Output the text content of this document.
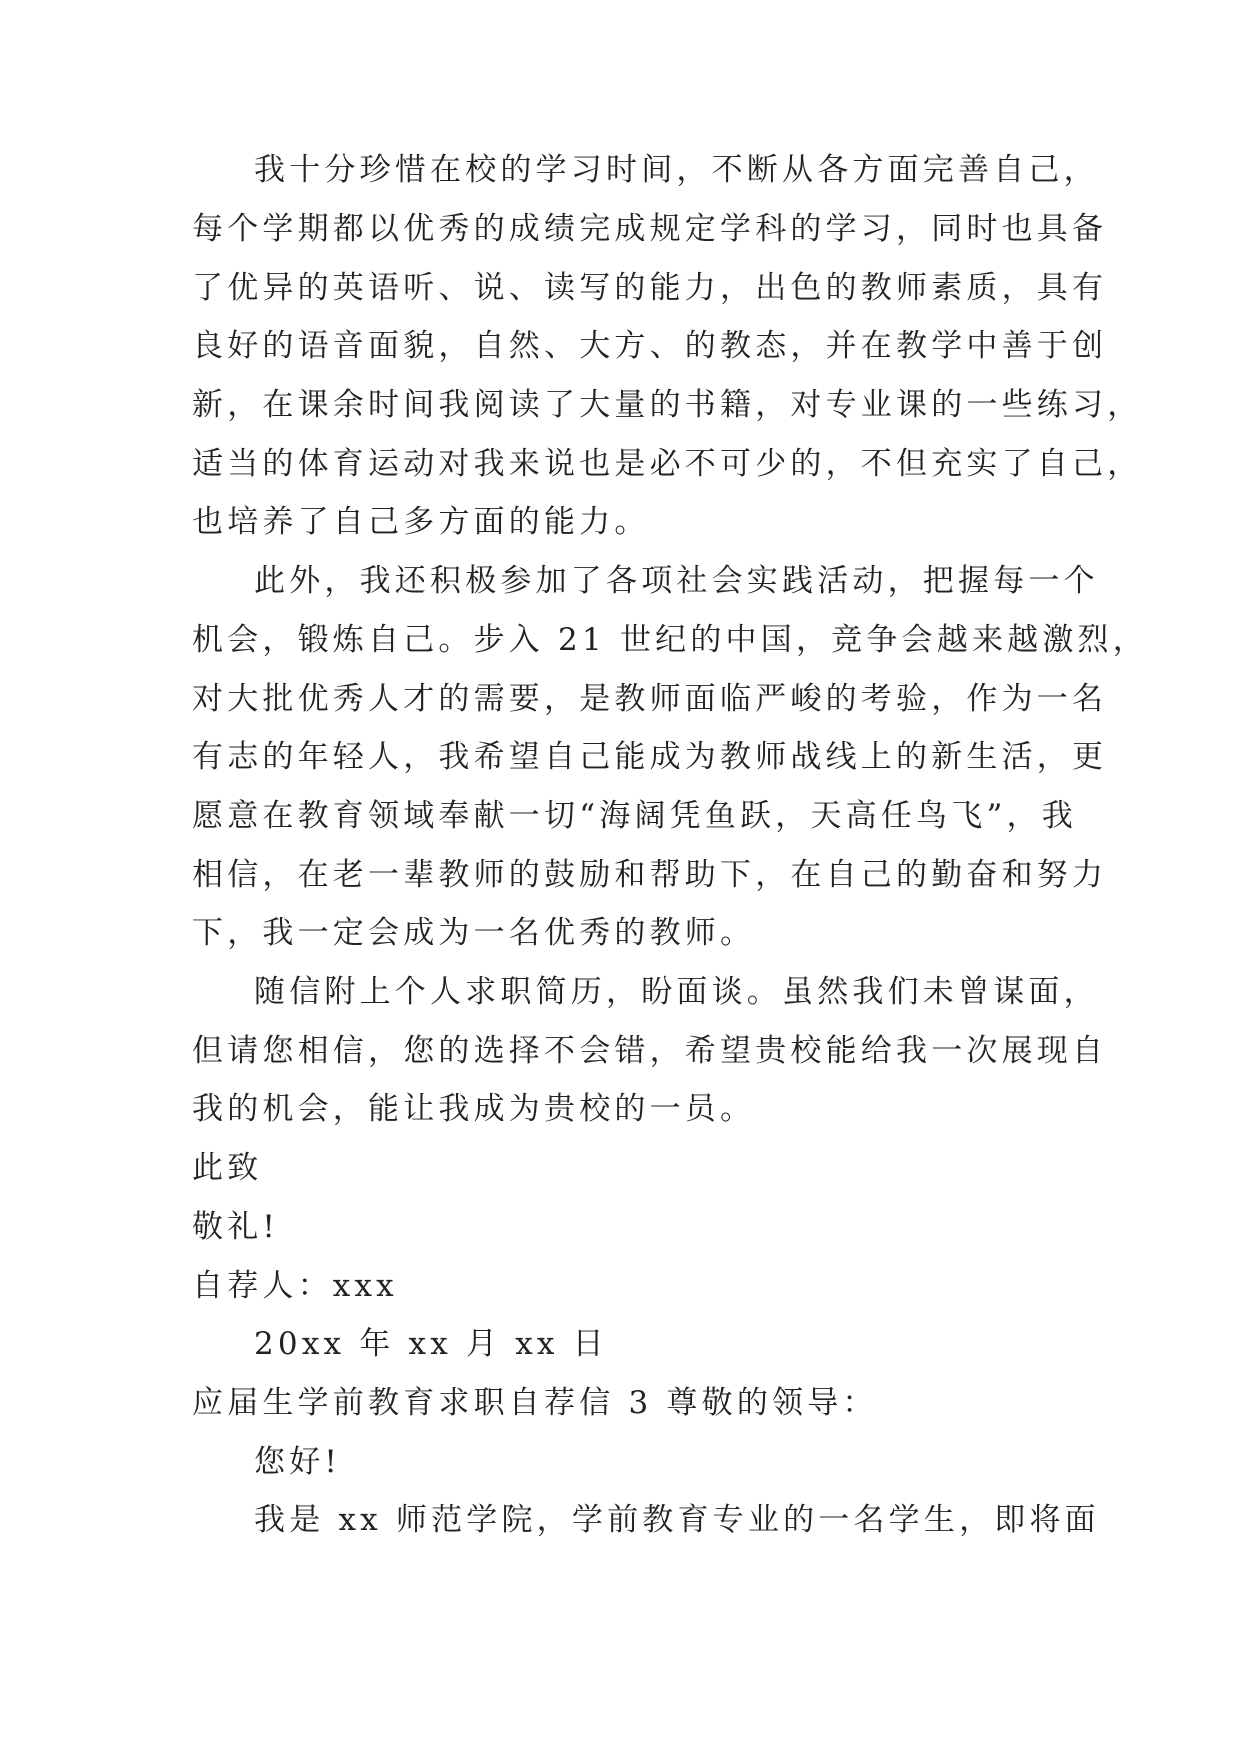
我十分珍惜在校的学习时间，不断从各方面完善自己，
每个学期都以优秀的成绩完成规定学科的学习，同时也具备
了优异的英语听、说、读写的能力，出色的教师素质，具有
良好的语音面貌，自然、大方、的教态，并在教学中善于创
新，在课余时间我阅读了大量的书籍，对专业课的一些练习，
适当的体育运动对我来说也是必不可少的，不但充实了自己，
也培养了自己多方面的能力。
此外，我还积极参加了各项社会实践活动，把握每一个
机会，锻炼自己。步入 21 世纪的中国，竞争会越来越激烈，
对大批优秀人才的需要，是教师面临严峻的考验，作为一名
有志的年轻人，我希望自己能成为教师战线上的新生活，更
愿意在教育领域奉献一切“海阔凭鱼跃，天高任鸟飞”，我
相信，在老一辈教师的鼓励和帮助下，在自己的勤奋和努力
下，我一定会成为一名优秀的教师。
随信附上个人求职简历，盼面谈。虽然我们未曾谋面，
但请您相信，您的选择不会错，希望贵校能给我一次展现自
我的机会，能让我成为贵校的一员。
此致
敬礼!
自荐人：xxx
20xx 年 xx 月 xx 日
应届生学前教育求职自荐信 3 尊敬的领导：
您好!
我是 xx 师范学院，学前教育专业的一名学生，即将面
